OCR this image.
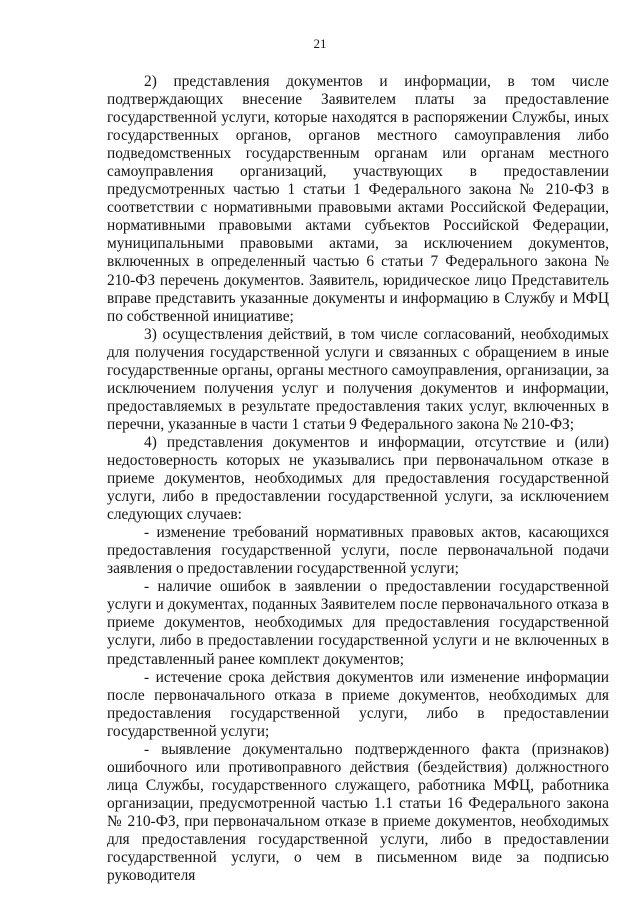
21

2) представления документов и информации, в том числе подтверждающих внесение Заявителем платы за предоставление государственной услуги, которые находятся в распоряжении Службы, иных государственных органов, органов местного самоуправления либо подведомственных государственным органам или органам местного самоуправления организаций, участвующих в предоставлении предусмотренных частью 1 статьи 1 Федерального закона № 210-ФЗ в соответствии с нормативными правовыми актами Российской Федерации, нормативными правовыми актами субъектов Российской Федерации, муниципальными правовыми актами, за исключением документов, включенных в определенный частью 6 статьи 7 Федерального закона № 210-ФЗ перечень документов. Заявитель, юридическое лицо Представитель вправе представить указанные документы и информацию в Службу и МФЦ по собственной инициативе;

3) осуществления действий, в том числе согласований, необходимых для получения государственной услуги и связанных с обращением в иные государственные органы, органы местного самоуправления, организации, за исключением получения услуг и получения документов и информации, предоставляемых в результате предоставления таких услуг, включенных в перечни, указанные в части 1 статьи 9 Федерального закона № 210-ФЗ;

4) представления документов и информации, отсутствие и (или) недостоверность которых не указывались при первоначальном отказе в приеме документов, необходимых для предоставления государственной услуги, либо в предоставлении государственной услуги, за исключением следующих случаев:

- изменение требований нормативных правовых актов, касающихся предоставления государственной услуги, после первоначальной подачи заявления о предоставлении государственной услуги;

- наличие ошибок в заявлении о предоставлении государственной услуги и документах, поданных Заявителем после первоначального отказа в приеме документов, необходимых для предоставления государственной услуги, либо в предоставлении государственной услуги и не включенных в представленный ранее комплект документов;

- истечение срока действия документов или изменение информации после первоначального отказа в приеме документов, необходимых для предоставления государственной услуги, либо в предоставлении государственной услуги;

- выявление документально подтвержденного факта (признаков) ошибочного или противоправного действия (бездействия) должностного лица Службы, государственного служащего, работника МФЦ, работника организации, предусмотренной частью 1.1 статьи 16 Федерального закона № 210-ФЗ, при первоначальном отказе в приеме документов, необходимых для предоставления государственной услуги, либо в предоставлении государственной услуги, о чем в письменном виде за подписью руководителя
